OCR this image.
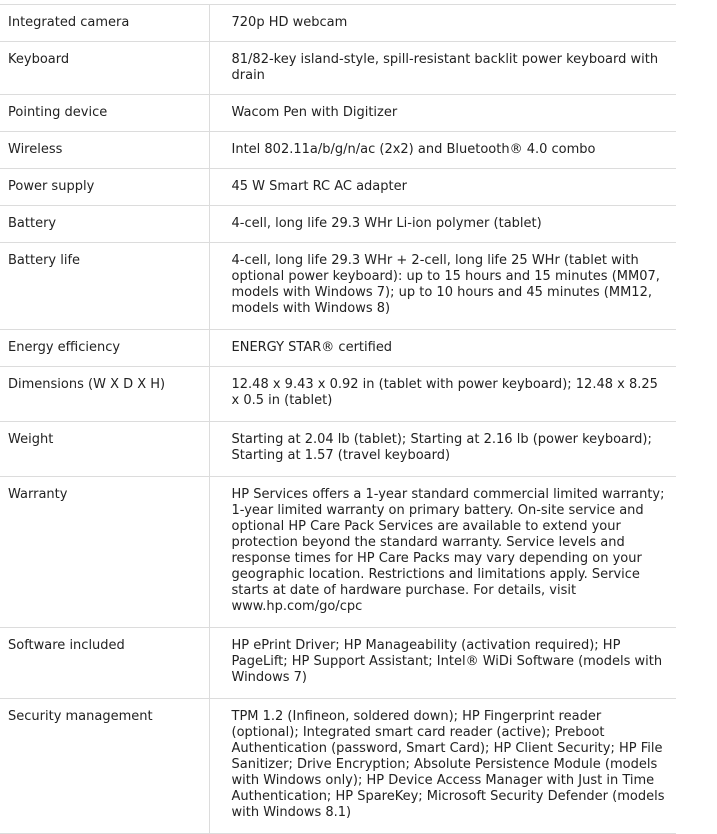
Integrated camera	720p HD webcam
Keyboard	81/82-key island-style, spill-resistant backlit power keyboard with drain
Pointing device	Wacom Pen with Digitizer
Wireless	Intel 802.11a/b/g/n/ac (2x2) and Bluetooth® 4.0 combo
Power supply	45 W Smart RC AC adapter
Battery	4-cell, long life 29.3 WHr Li-ion polymer (tablet)
Battery life	4-cell, long life 29.3 WHr + 2-cell, long life 25 WHr (tablet with optional power keyboard): up to 15 hours and 15 minutes (MM07, models with Windows 7); up to 10 hours and 45 minutes (MM12, models with Windows 8)
Energy efficiency	ENERGY STAR® certified
Dimensions (W X D X H)	12.48 x 9.43 x 0.92 in (tablet with power keyboard); 12.48 x 8.25 x 0.5 in (tablet)
Weight	Starting at 2.04 lb (tablet); Starting at 2.16 lb (power keyboard); Starting at 1.57 (travel keyboard)
Warranty	HP Services offers a 1-year standard commercial limited warranty; 1-year limited warranty on primary battery. On-site service and optional HP Care Pack Services are available to extend your protection beyond the standard warranty. Service levels and response times for HP Care Packs may vary depending on your geographic location. Restrictions and limitations apply. Service starts at date of hardware purchase. For details, visit www.hp.com/go/cpc
Software included	HP ePrint Driver; HP Manageability (activation required); HP PageLift; HP Support Assistant; Intel® WiDi Software (models with Windows 7)
Security management	TPM 1.2 (Infineon, soldered down); HP Fingerprint reader (optional); Integrated smart card reader (active); Preboot Authentication (password, Smart Card); HP Client Security; HP File Sanitizer; Drive Encryption; Absolute Persistence Module (models with Windows only); HP Device Access Manager with Just in Time Authentication; HP SpareKey; Microsoft Security Defender (models with Windows 8.1)
